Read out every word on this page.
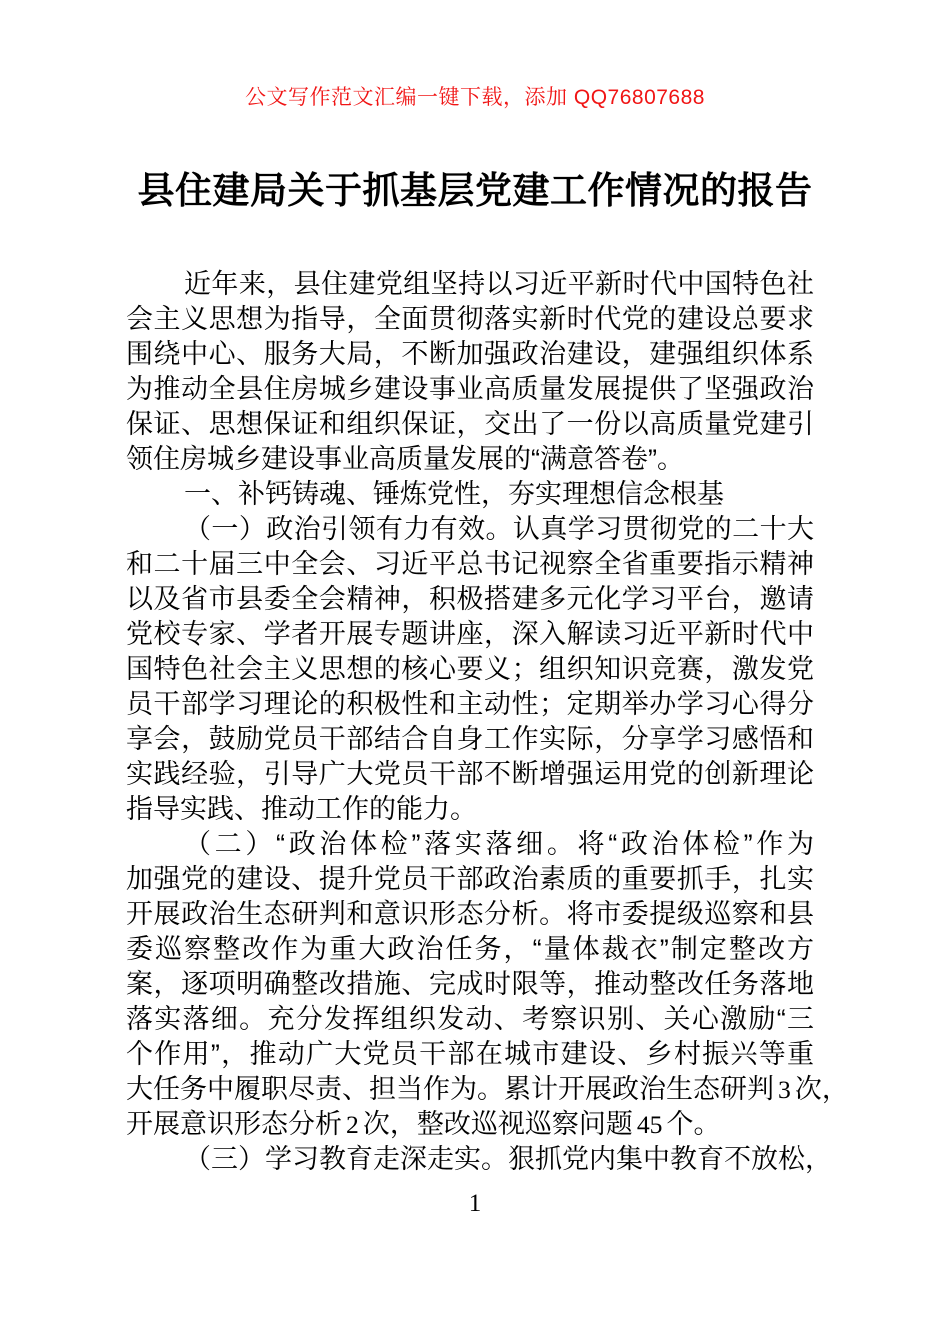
公文写作范文汇编一键下载，添加 QQ76807688
县住建局关于抓基层党建工作情况的报告
近年来，县住建党组坚持以习近平新时代中国特色社
会主义思想为指导，全面贯彻落实新时代党的建设总要求
围绕中心、服务大局，不断加强政治建设，建强组织体系
为推动全县住房城乡建设事业高质量发展提供了坚强政治
保证、思想保证和组织保证，交出了一份以高质量党建引
领住房城乡建设事业高质量发展的“满意答卷”。
一、补钙铸魂、锤炼党性，夯实理想信念根基
（一）政治引领有力有效。认真学习贯彻党的二十大
和二十届三中全会、习近平总书记视察全省重要指示精神
以及省市县委全会精神，积极搭建多元化学习平台，邀请
党校专家、学者开展专题讲座，深入解读习近平新时代中
国特色社会主义思想的核心要义；组织知识竞赛，激发党
员干部学习理论的积极性和主动性；定期举办学习心得分
享会，鼓励党员干部结合自身工作实际，分享学习感悟和
实践经验，引导广大党员干部不断增强运用党的创新理论
指导实践、推动工作的能力。
（二）“政治体检”落实落细。将“政治体检”作为
加强党的建设、提升党员干部政治素质的重要抓手，扎实
开展政治生态研判和意识形态分析。将市委提级巡察和县
委巡察整改作为重大政治任务，“量体裁衣”制定整改方
案，逐项明确整改措施、完成时限等，推动整改任务落地
落实落细。充分发挥组织发动、考察识别、关心激励“三
个作用”，推动广大党员干部在城市建设、乡村振兴等重
大任务中履职尽责、担当作为。累计开展政治生态研判 3 次，
开展意识形态分析 2 次，整改巡视巡察问题 45 个。
（三）学习教育走深走实。狠抓党内集中教育不放松，
1
